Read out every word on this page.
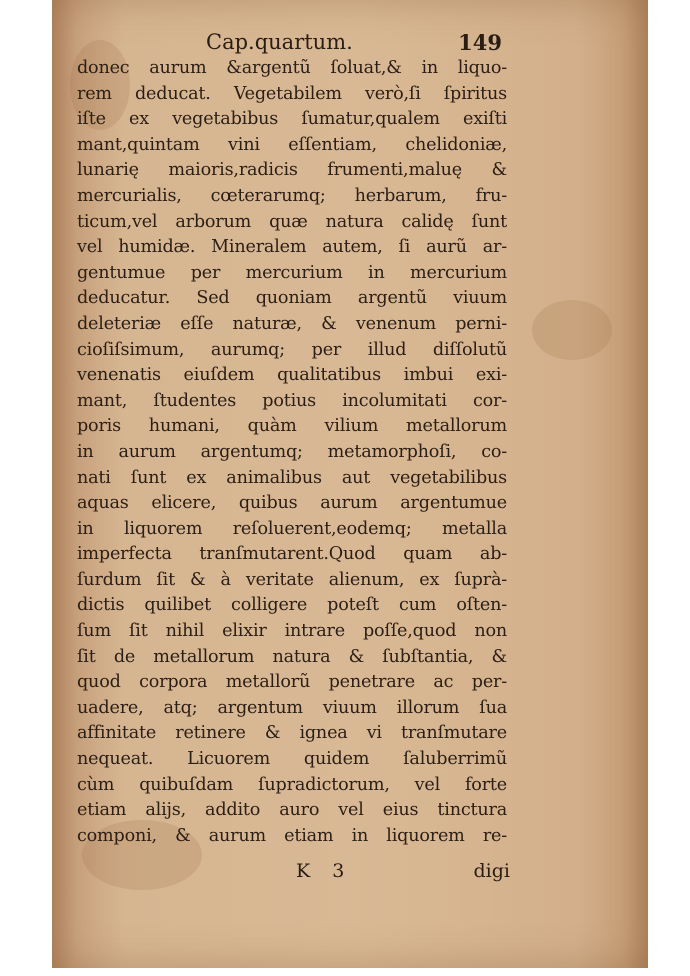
Cap.quartum.	149
donec aurum &argentũ ſoluat,& in liquo-
rem deducat. Vegetabilem verò,ſi ſpiritus
iſte ex vegetabibus ſumatur,qualem exiſti
mant,quintam vini eſſentiam, chelidoniæ,
lunarię maioris,radicis frumenti,maluę &
mercurialis, cœterarumq; herbarum, fru-
ticum,vel arborum quæ natura calidę ſunt
vel humidæ. Mineralem autem, ſi aurũ ar-
gentumue per mercurium in mercurium
deducatur. Sed quoniam argentũ viuum
deleteriæ eſſe naturæ, & venenum perni-
cioſiſsimum, aurumq; per illud diſſolutũ
venenatis eiuſdem qualitatibus imbui exi-
mant, ſtudentes potius incolumitati cor-
poris humani, quàm vilium metallorum
in aurum argentumq; metamorphoſi, co-
nati ſunt ex animalibus aut vegetabilibus
aquas elicere, quibus aurum argentumue
in liquorem reſoluerent,eodemq; metalla
imperfecta tranſmutarent.Quod quam ab-
ſurdum ſit & à veritate alienum, ex ſuprà-
dictis quilibet colligere poteſt cum oſten-
ſum ſit nihil elixir intrare poſſe,quod non
ſit de metallorum natura & ſubſtantia, &
quod corpora metallorũ penetrare ac per-
uadere, atq; argentum viuum illorum ſua
affinitate retinere & ignea vi tranſmutare
nequeat. Licuorem quidem ſaluberrimũ
cùm quibuſdam ſupradictorum, vel forte
etiam alijs, addito auro vel eius tinctura
componi, & aurum etiam in liquorem re-
K 3	digi
